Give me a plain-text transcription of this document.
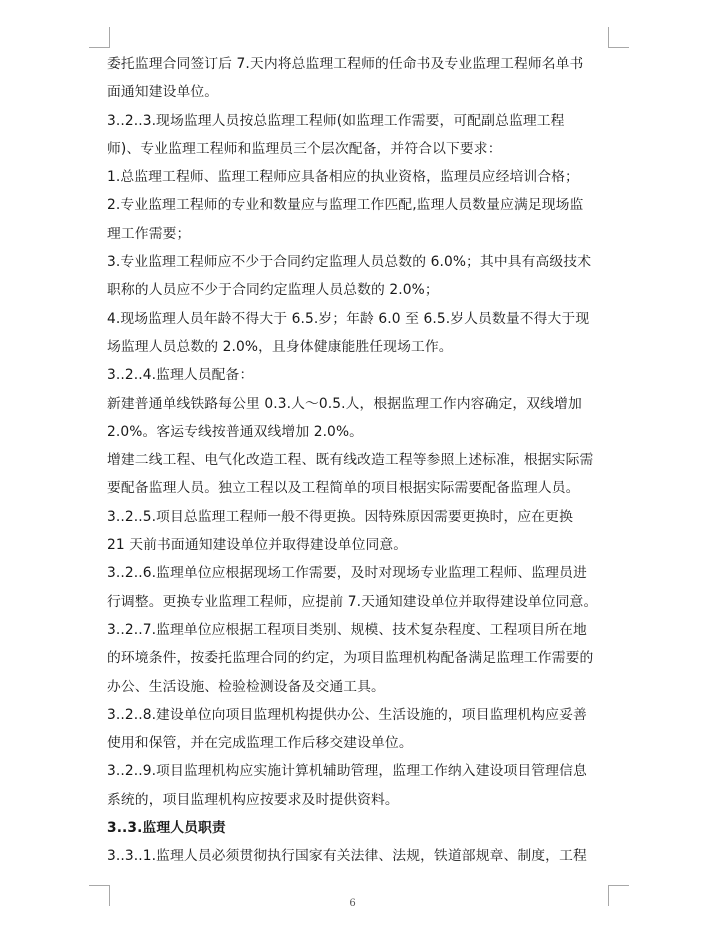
委托监理合同签订后 7.天内将总监理工程师的任命书及专业监理工程师名单书
面通知建设单位。
3..2..3.现场监理人员按总监理工程师(如监理工作需要，可配副总监理工程
师)、专业监理工程师和监理员三个层次配备，并符合以下要求：
1.总监理工程师、监理工程师应具备相应的执业资格，监理员应经培训合格；
2.专业监理工程师的专业和数量应与监理工作匹配,监理人员数量应满足现场监
理工作需要；
3.专业监理工程师应不少于合同约定监理人员总数的 6.0%；其中具有高级技术
职称的人员应不少于合同约定监理人员总数的 2.0%；
4.现场监理人员年龄不得大于 6.5.岁；年龄 6.0 至 6.5.岁人员数量不得大于现
场监理人员总数的 2.0%，且身体健康能胜任现场工作。
3..2..4.监理人员配备：
新建普通单线铁路每公里 0.3.人～0.5.人，根据监理工作内容确定，双线增加
2.0%。客运专线按普通双线增加 2.0%。
增建二线工程、电气化改造工程、既有线改造工程等参照上述标准，根据实际需
要配备监理人员。独立工程以及工程简单的项目根据实际需要配备监理人员。
3..2..5.项目总监理工程师一般不得更换。因特殊原因需要更换时，应在更换
21 天前书面通知建设单位并取得建设单位同意。
3..2..6.监理单位应根据现场工作需要，及时对现场专业监理工程师、监理员进
行调整。更换专业监理工程师，应提前 7.天通知建设单位并取得建设单位同意。
3..2..7.监理单位应根据工程项目类别、规模、技术复杂程度、工程项目所在地
的环境条件，按委托监理合同的约定，为项目监理机构配备满足监理工作需要的
办公、生活设施、检验检测设备及交通工具。
3..2..8.建设单位向项目监理机构提供办公、生活设施的，项目监理机构应妥善
使用和保管，并在完成监理工作后移交建设单位。
3..2..9.项目监理机构应实施计算机辅助管理，监理工作纳入建设项目管理信息
系统的，项目监理机构应按要求及时提供资料。
3..3.监理人员职责
3..3..1.监理人员必须贯彻执行国家有关法律、法规，铁道部规章、制度，工程
6
